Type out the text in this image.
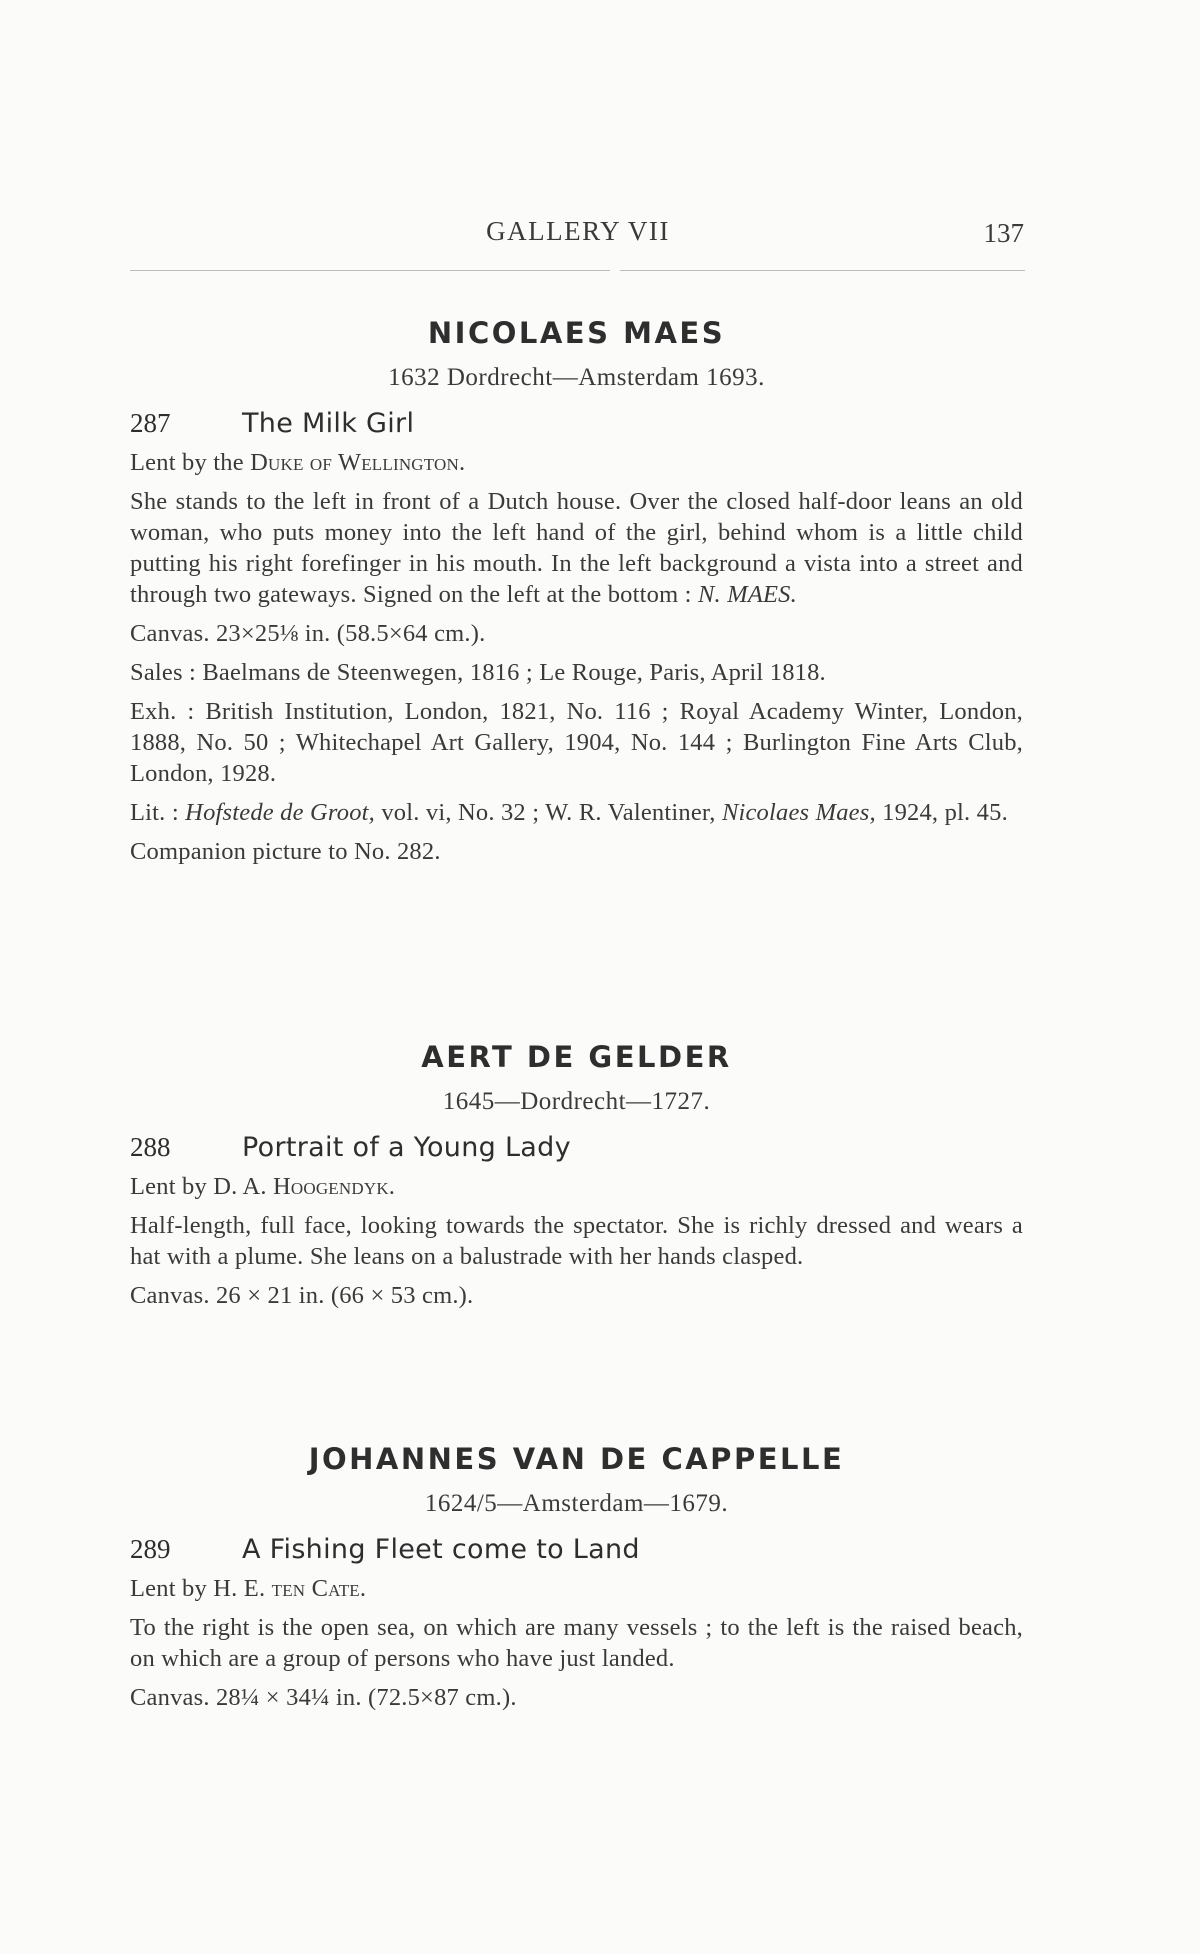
GALLERY VII	137
NICOLAES MAES
1632 Dordrecht—Amsterdam 1693.
287	The Milk Girl
Lent by the Duke of Wellington.
She stands to the left in front of a Dutch house. Over the closed half-door leans an old woman, who puts money into the left hand of the girl, behind whom is a little child putting his right forefinger in his mouth. In the left background a vista into a street and through two gateways. Signed on the left at the bottom : N. MAES.
Canvas. 23×25⅛ in. (58.5×64 cm.).
Sales : Baelmans de Steenwegen, 1816 ; Le Rouge, Paris, April 1818.
Exh. : British Institution, London, 1821, No. 116 ; Royal Academy Winter, London, 1888, No. 50 ; Whitechapel Art Gallery, 1904, No. 144 ; Burlington Fine Arts Club, London, 1928.
Lit. : Hofstede de Groot, vol. vi, No. 32 ; W. R. Valentiner, Nicolaes Maes, 1924, pl. 45.
Companion picture to No. 282.
AERT DE GELDER
1645—Dordrecht—1727.
288	Portrait of a Young Lady
Lent by D. A. Hoogendyk.
Half-length, full face, looking towards the spectator. She is richly dressed and wears a hat with a plume. She leans on a balustrade with her hands clasped.
Canvas. 26 × 21 in. (66 × 53 cm.).
JOHANNES VAN DE CAPPELLE
1624/5—Amsterdam—1679.
289	A Fishing Fleet come to Land
Lent by H. E. ten Cate.
To the right is the open sea, on which are many vessels ; to the left is the raised beach, on which are a group of persons who have just landed.
Canvas. 28¼ × 34¼ in. (72.5×87 cm.).
